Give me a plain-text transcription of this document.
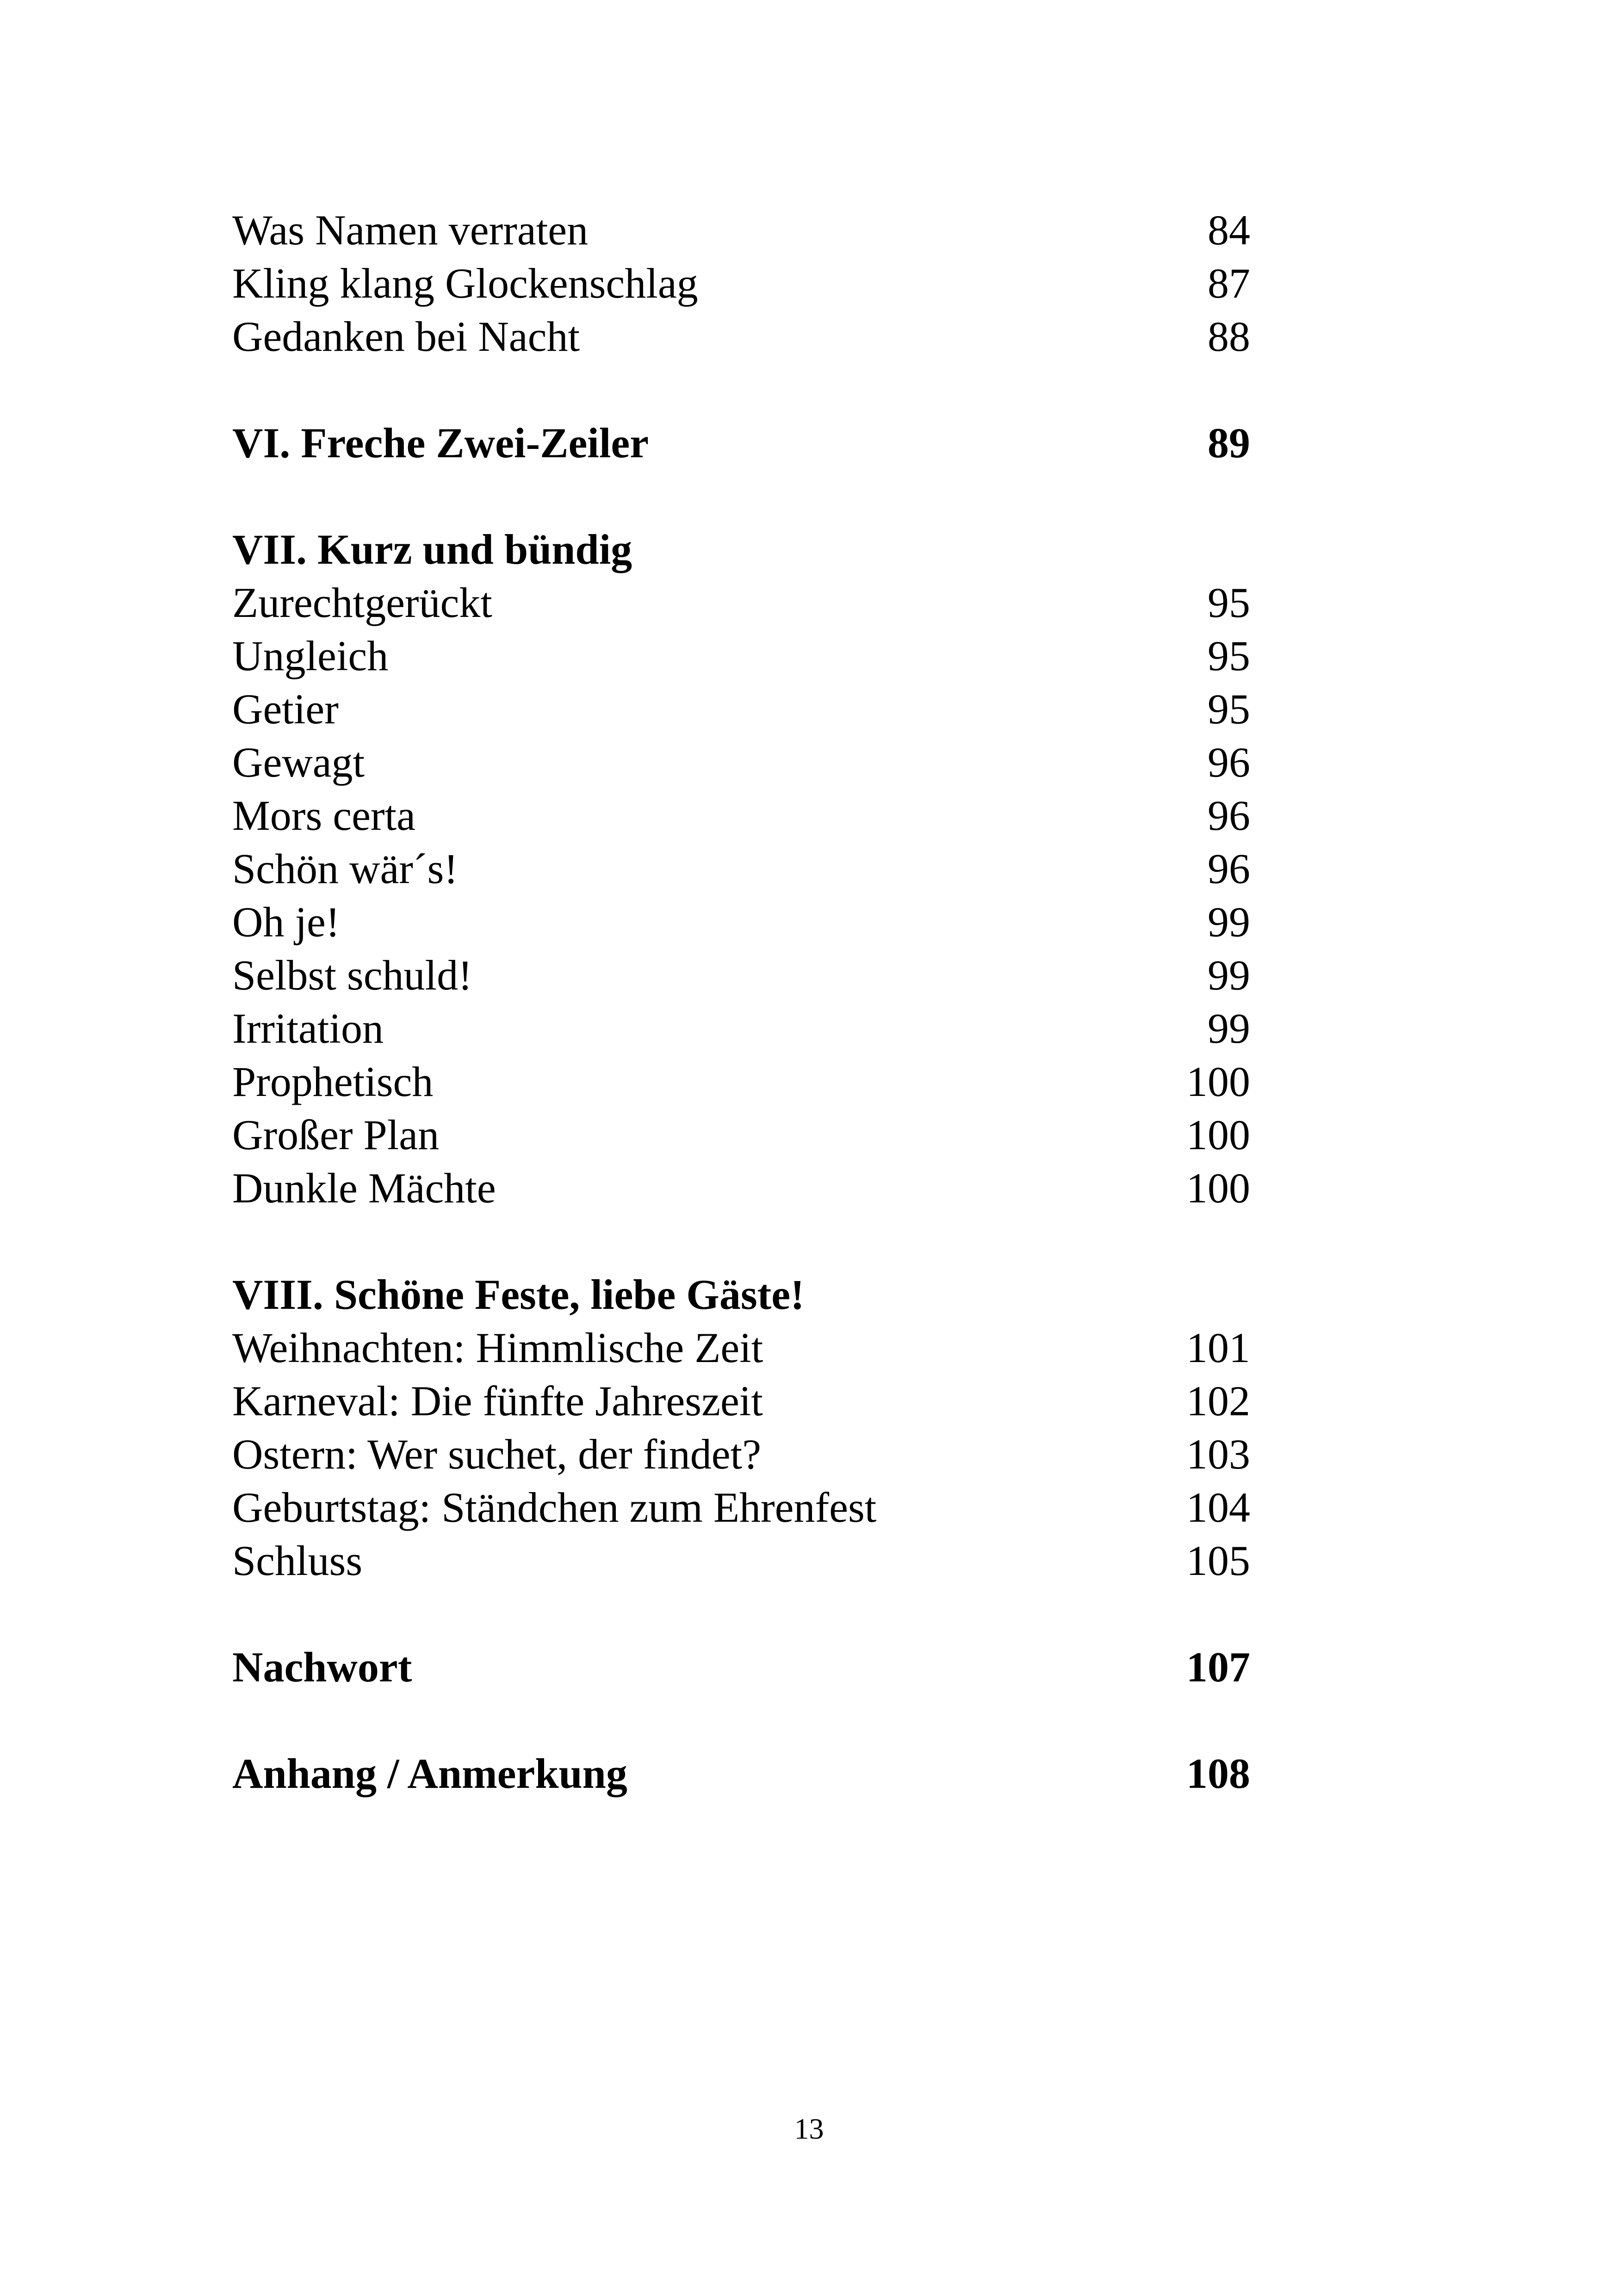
Was Namen verraten	84
Kling klang Glockenschlag	87
Gedanken bei Nacht	88
VI. Freche Zwei-Zeiler	89
VII. Kurz und bündig
Zurechtgerückt	95
Ungleich	95
Getier	95
Gewagt	96
Mors certa	96
Schön wär´s!	96
Oh je!	99
Selbst schuld!	99
Irritation	99
Prophetisch	100
Großer Plan	100
Dunkle Mächte	100
VIII. Schöne Feste, liebe Gäste!
Weihnachten: Himmlische Zeit	101
Karneval: Die fünfte Jahreszeit	102
Ostern: Wer suchet, der findet?	103
Geburtstag: Ständchen zum Ehrenfest	104
Schluss	105
Nachwort	107
Anhang / Anmerkung	108
13
